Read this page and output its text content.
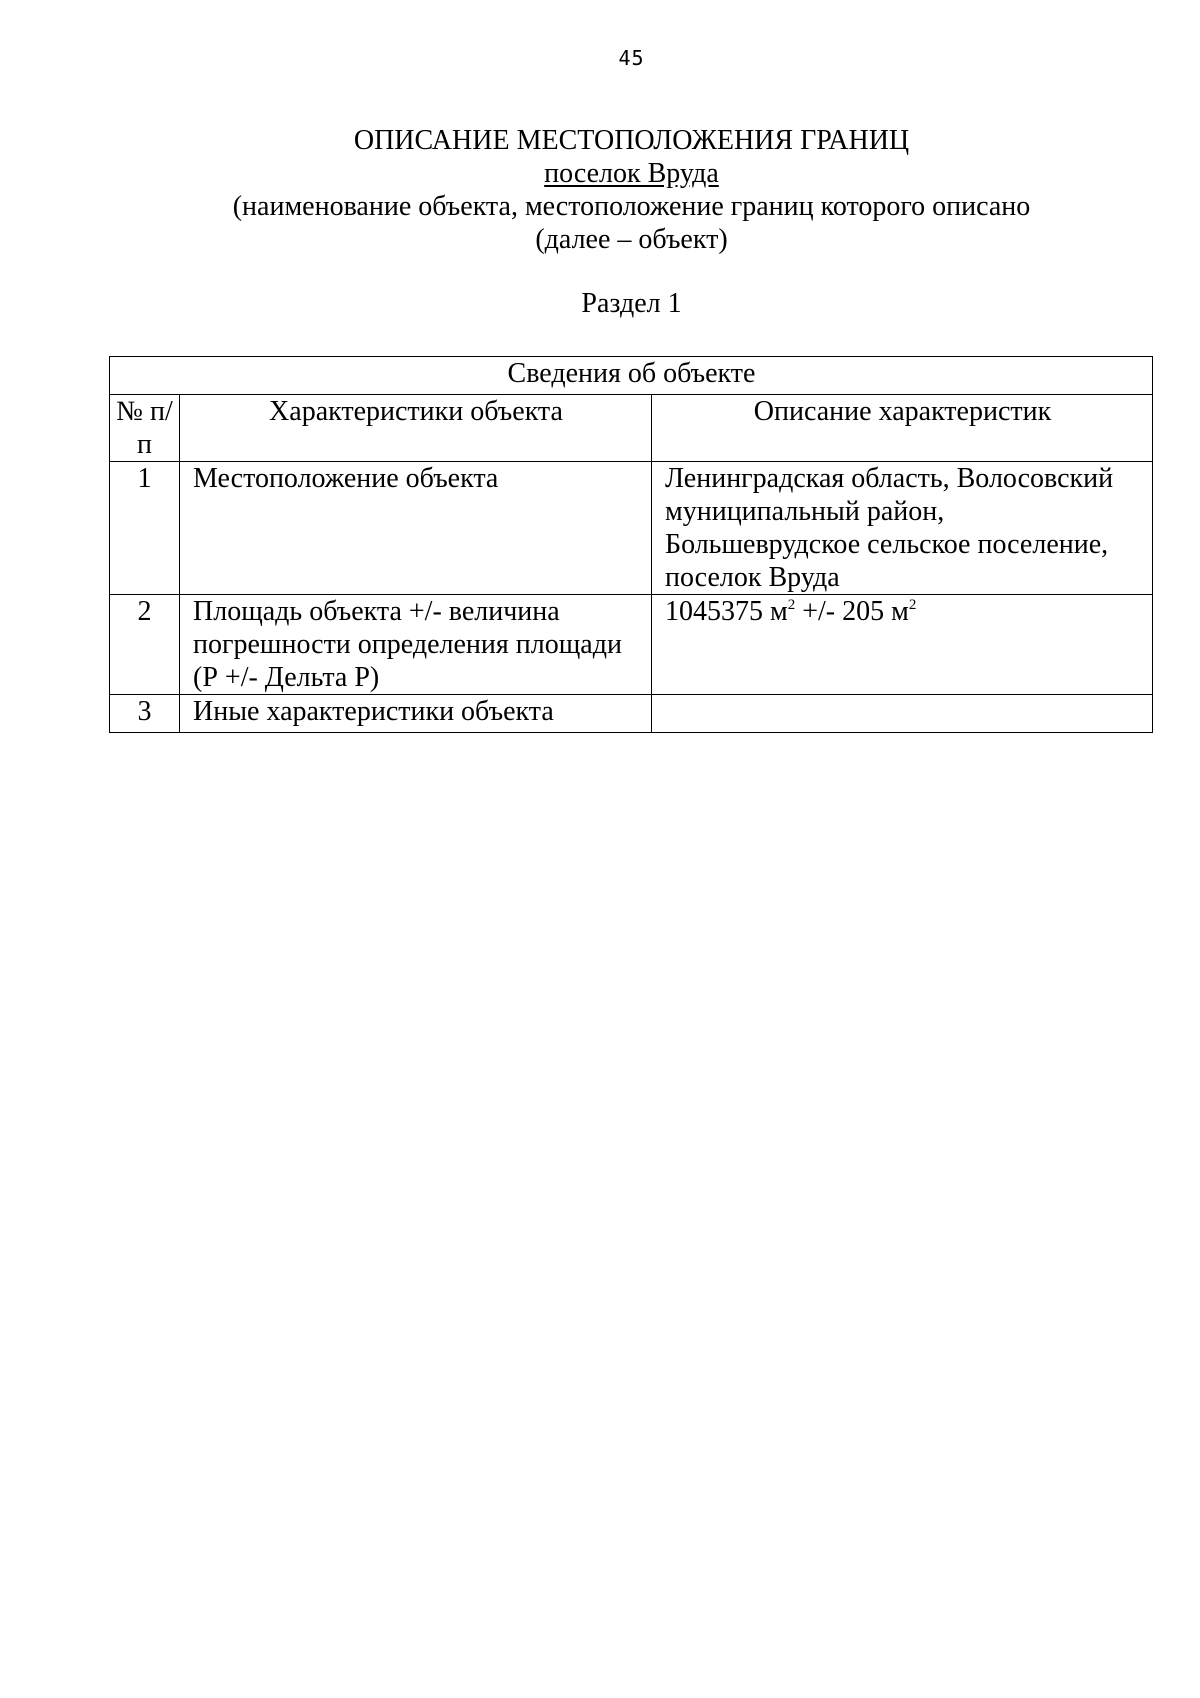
45
ОПИСАНИЕ МЕСТОПОЛОЖЕНИЯ ГРАНИЦ
поселок Вруда
(наименование объекта, местоположение границ которого описано
(далее – объект)
Раздел 1
Сведения об объекте		
№ п/п	Характеристики объекта	Описание характеристик
1	Местоположение объекта	Ленинградская область, Волосовский муниципальный район, Большеврудское сельское поселение, поселок Вруда
2	Площадь объекта +/- величина погрешности определения площади (Р +/- Дельта Р)	1045375 $м^2$ +/- 205 $м^2$
3	Иные характеристики объекта	
